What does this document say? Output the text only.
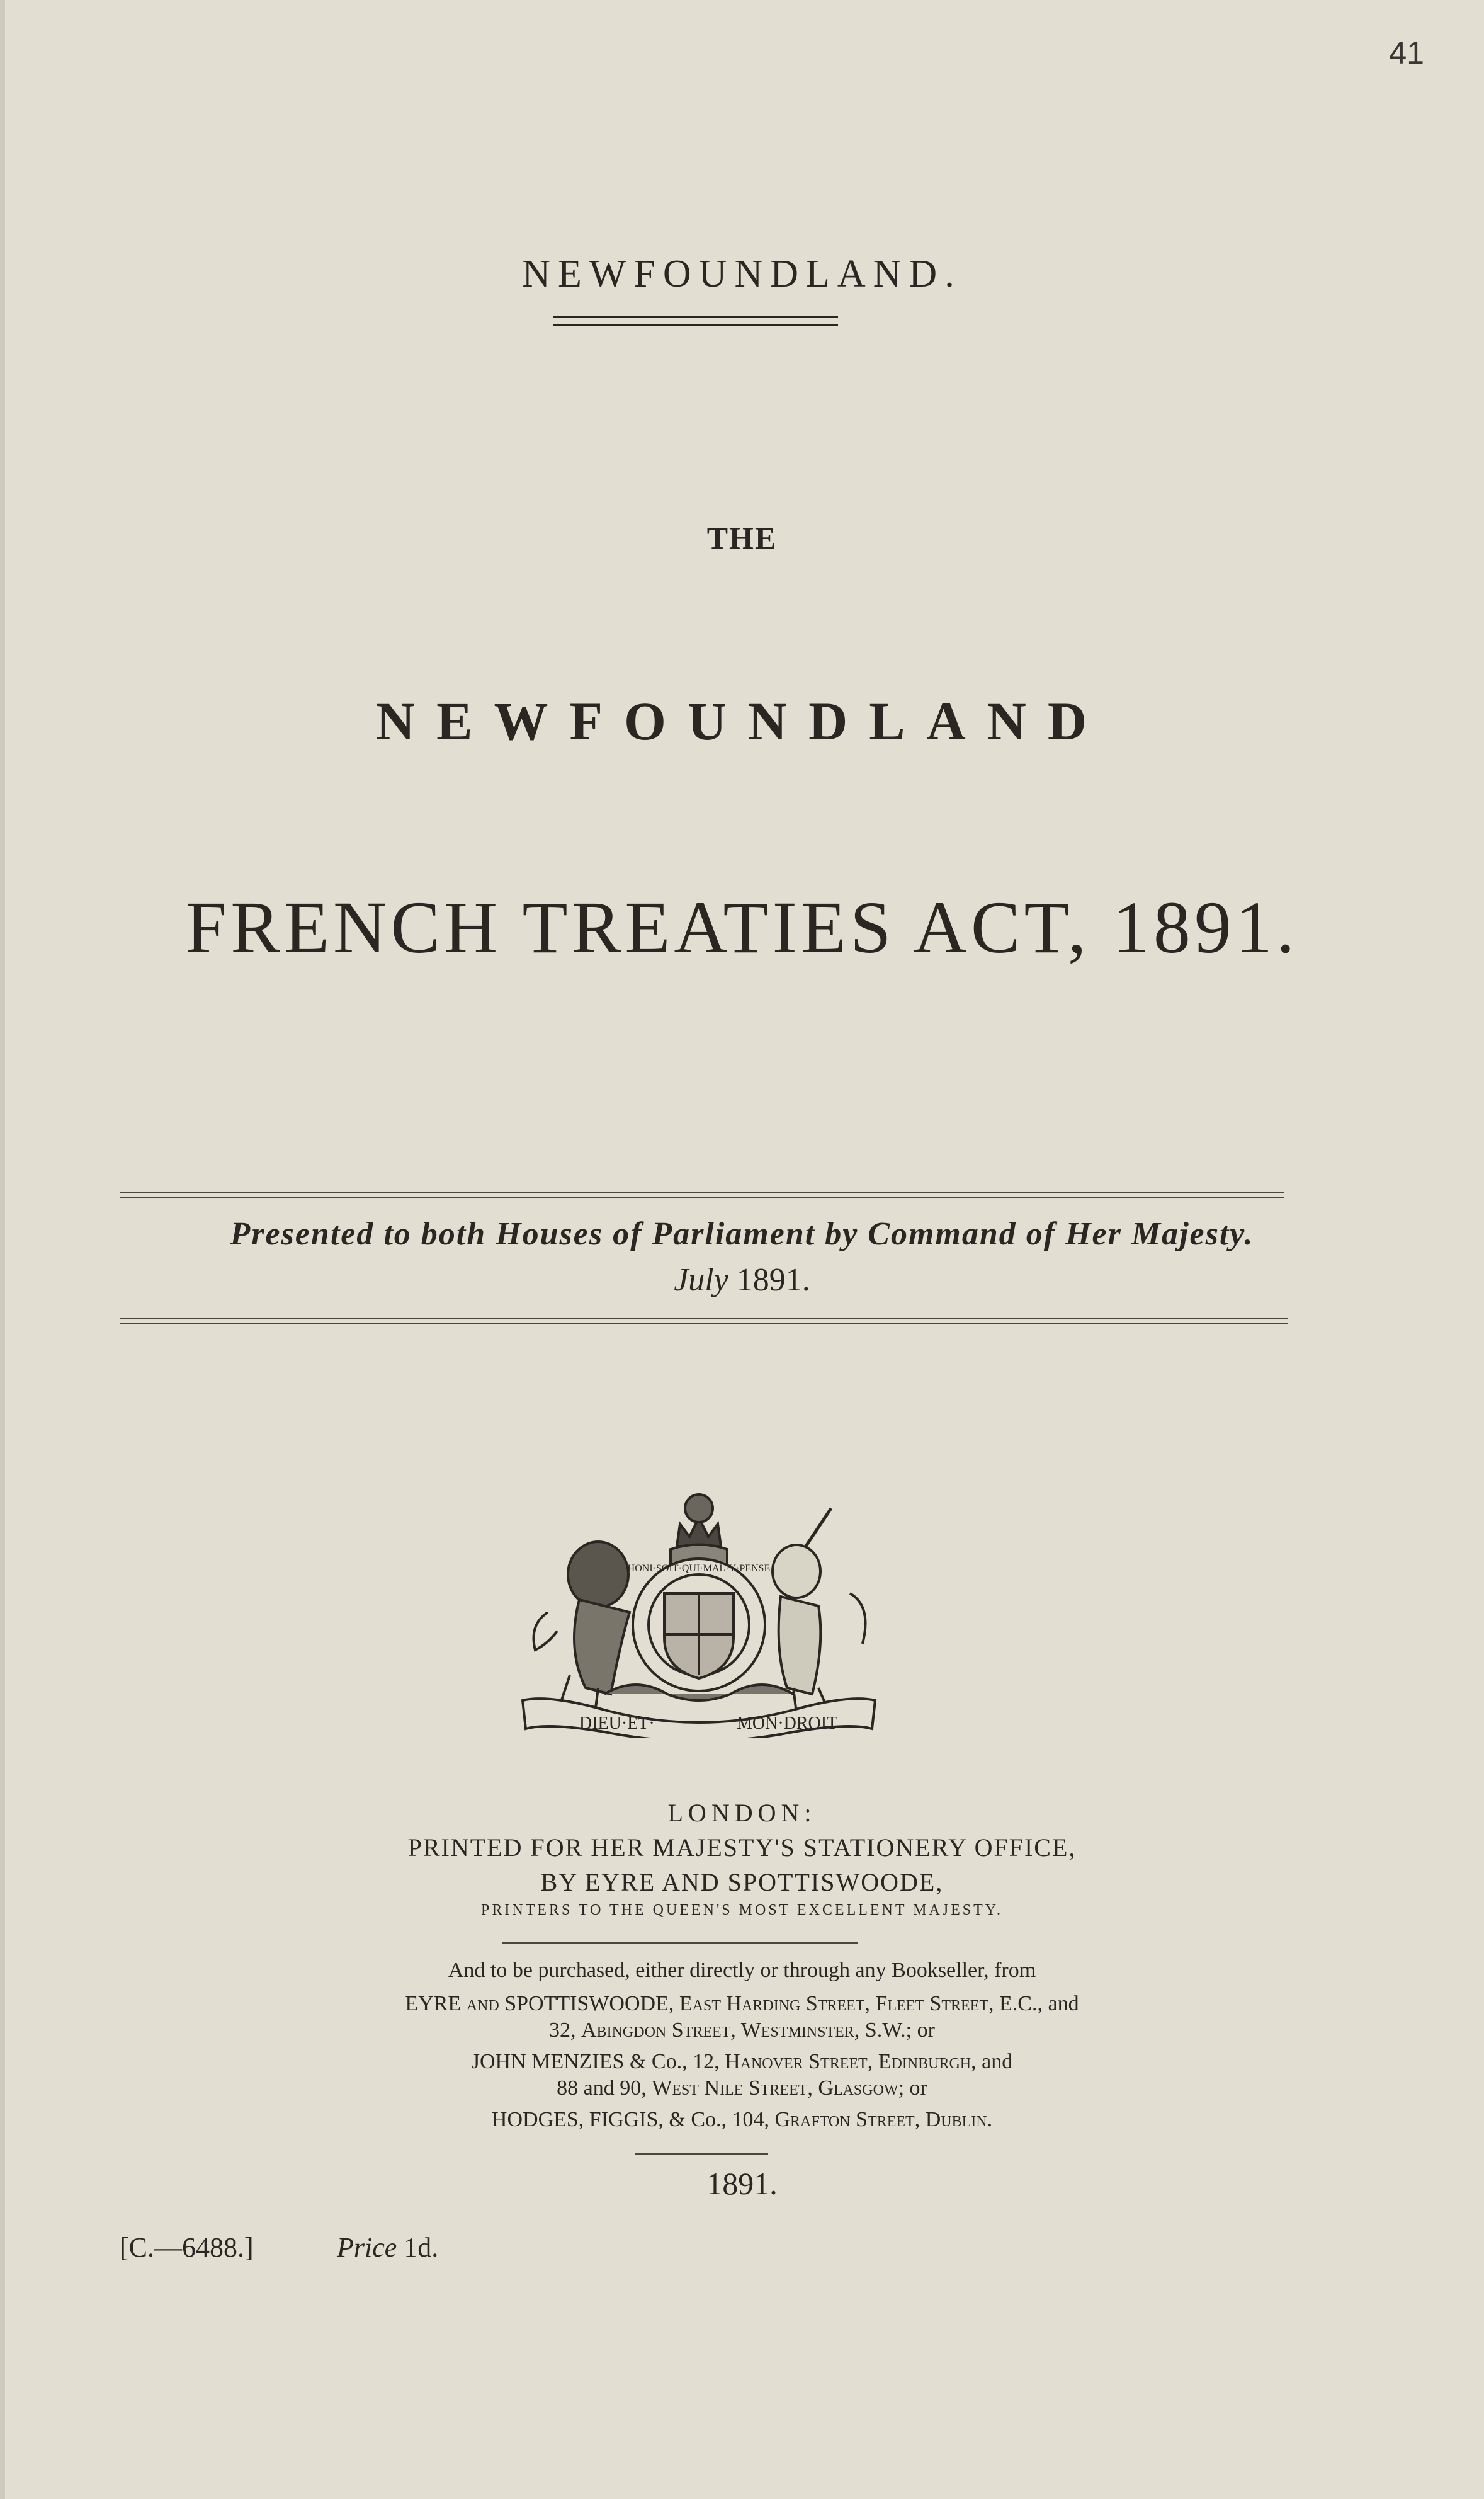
41
NEWFOUNDLAND.
THE
NEWFOUNDLAND
FRENCH TREATIES ACT, 1891.
Presented to both Houses of Parliament by Command of Her Majesty.
July 1891.
DIEU·ET·	MON·DROIT
HONI·SOIT·QUI·MAL·Y·PENSE
LONDON:
PRINTED FOR HER MAJESTY'S STATIONERY OFFICE,
BY EYRE AND SPOTTISWOODE,
PRINTERS TO THE QUEEN'S MOST EXCELLENT MAJESTY.
And to be purchased, either directly or through any Bookseller, from
EYRE and SPOTTISWOODE, East Harding Street, Fleet Street, E.C., and
32, Abingdon Street, Westminster, S.W.; or
JOHN MENZIES & Co., 12, Hanover Street, Edinburgh, and
88 and 90, West Nile Street, Glasgow; or
HODGES, FIGGIS, & Co., 104, Grafton Street, Dublin.
1891.
[C.—6488.]	Price 1d.
